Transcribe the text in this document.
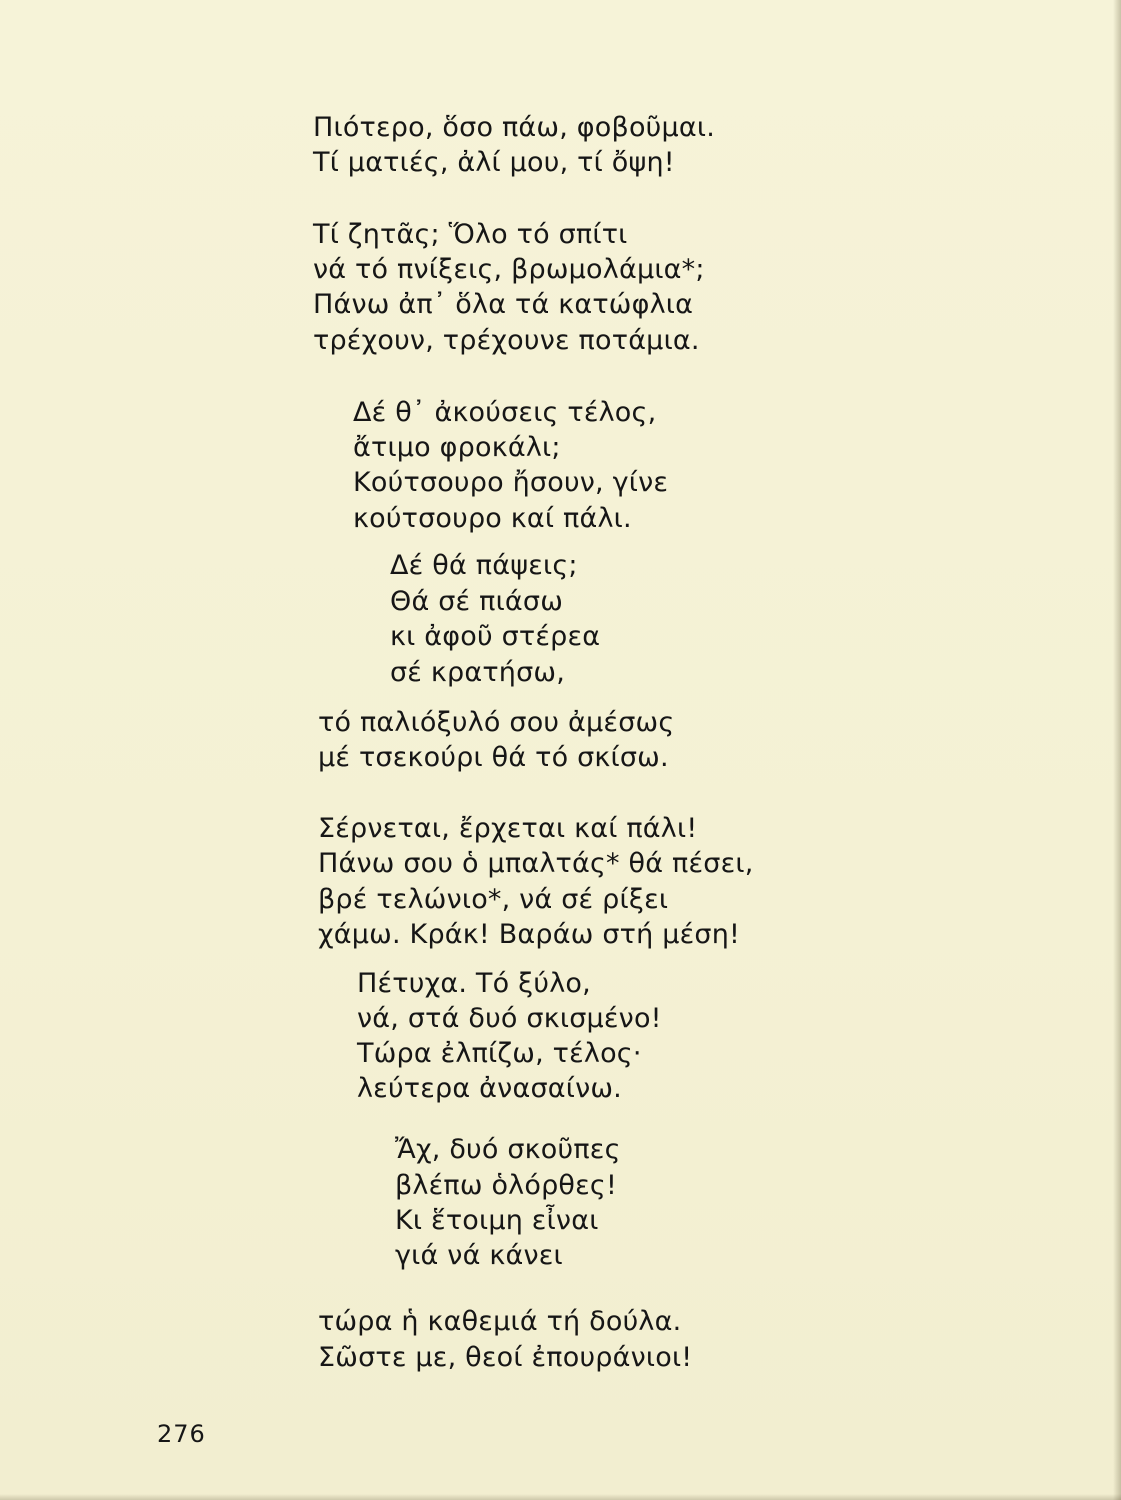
Πιότερο, ὅσο πάω, φοβοῦμαι.
Τί ματιές, ἀλί μου, τί ὄψη!
Τί ζητᾶς; Ὅλο τό σπίτι
νά τό πνίξεις, βρωμολάμια*;
Πάνω ἀπ᾿ ὅλα τά κατώφλια
τρέχουν, τρέχουνε ποτάμια.
Δέ θ᾿ ἀκούσεις τέλος,
ἄτιμο φροκάλι;
Κούτσουρο ἤσουν, γίνε
κούτσουρο καί πάλι.
Δέ θά πάψεις;
Θά σέ πιάσω
κι ἀφοῦ στέρεα
σέ κρατήσω,
τό παλιόξυλό σου ἀμέσως
μέ τσεκούρι θά τό σκίσω.
Σέρνεται, ἔρχεται καί πάλι!
Πάνω σου ὁ μπαλτάς* θά πέσει,
βρέ τελώνιο*, νά σέ ρίξει
χάμω. Κράκ! Βαράω στή μέση!
Πέτυχα. Τό ξύλο,
νά, στά δυό σκισμένο!
Τώρα ἐλπίζω, τέλος·
λεύτερα ἀνασαίνω.
Ἄχ, δυό σκοῦπες
βλέπω ὁλόρθες!
Κι ἕτοιμη εἶναι
γιά νά κάνει
τώρα ἡ καθεμιά τή δούλα.
Σῶστε με, θεοί ἐπουράνιοι!
276
